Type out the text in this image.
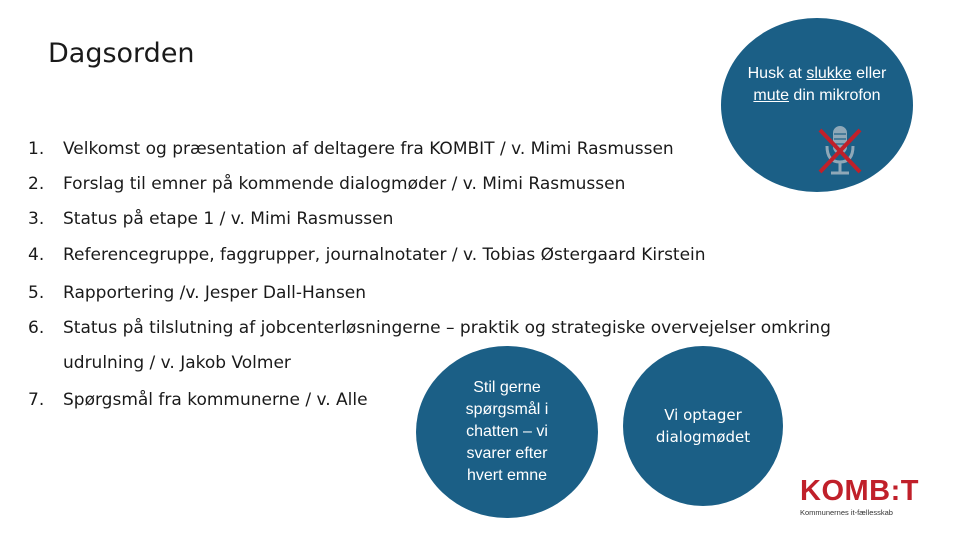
Dagsorden
Husk at slukke eller
mute din mikrofon
1.	Velkomst og præsentation af deltagere fra KOMBIT / v. Mimi Rasmussen
2.	Forslag til emner på kommende dialogmøder / v. Mimi Rasmussen
3.	Status på etape 1 / v. Mimi Rasmussen
4.	Referencegruppe, faggrupper, journalnotater / v. Tobias Østergaard Kirstein
5.	Rapportering /v. Jesper Dall-Hansen
6.	Status på tilslutning af jobcenterløsningerne – praktik og strategiske overvejelser omkring
udrulning / v. Jakob Volmer
7.	Spørgsmål fra kommunerne / v. Alle
Stil gerne
spørgsmål i
chatten – vi
svarer efter
hvert emne
Vi optager
dialogmødet
KOMB:T
Kommunernes it-fællesskab
